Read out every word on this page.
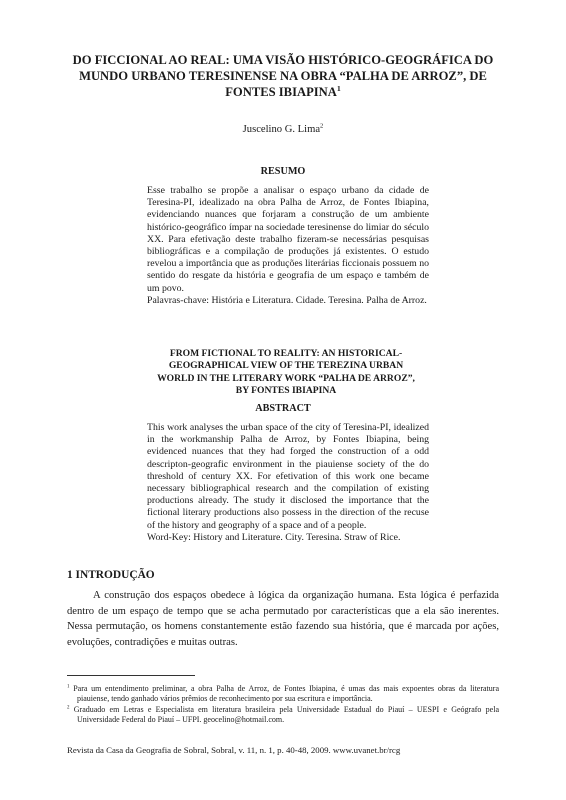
DO FICCIONAL AO REAL: UMA VISÃO HISTÓRICO-GEOGRÁFICA DO MUNDO URBANO TERESINENSE NA OBRA “PALHA DE ARROZ”, DE FONTES IBIAPINA$^1$
Juscelino G. Lima$^2$
RESUMO

Esse trabalho se propõe a analisar o espaço urbano da cidade de Teresina-PI, idealizado na obra Palha de Arroz, de Fontes Ibiapina, evidenciando nuances que forjaram a construção de um ambiente histórico-geográfico ímpar na sociedade teresinense do limiar do século XX. Para efetivação deste trabalho fizeram-se necessárias pesquisas bibliográficas e a compilação de produções já existentes. O estudo revelou a importância que as produções literárias ficcionais possuem no sentido do resgate da história e geografia de um espaço e também de um povo.

Palavras-chave: História e Literatura. Cidade. Teresina. Palha de Arroz.

FROM FICTIONAL TO REALITY: AN HISTORICAL-GEOGRAPHICAL VIEW OF THE TEREZINA URBAN WORLD IN THE LITERARY WORK “PALHA DE ARROZ”, BY FONTES IBIAPINA
ABSTRACT

This work analyses the urban space of the city of Teresina-PI, idealized in the workmanship Palha de Arroz, by Fontes Ibiapina, being evidenced nuances that they had forged the construction of a odd descripton-geografic environment in the piauiense society of the do threshold of century XX. For efetivation of this work one became necessary bibliographical research and the compilation of existing productions already. The study it disclosed the importance that the fictional literary productions also possess in the direction of the recuse of the history and geography of a space and of a people.

Word-Key: History and Literature. City. Teresina. Straw of Rice.

1 INTRODUÇÃO

A construção dos espaços obedece à lógica da organização humana. Esta lógica é perfazida dentro de um espaço de tempo que se acha permutado por características que a ela são inerentes. Nessa permutação, os homens constantemente estão fazendo sua história, que é marcada por ações, evoluções, contradições e muitas outras.

$^1$ Para um entendimento preliminar, a obra Palha de Arroz, de Fontes Ibiapina, é umas das mais expoentes obras da literatura piauiense, tendo ganhado vários prêmios de reconhecimento por sua escritura e importância.

$^2$ Graduado em Letras e Especialista em literatura brasileira pela Universidade Estadual do Piauí – UESPI e Geógrafo pela Universidade Federal do Piauí – UFPI. geocelino@hotmail.com.

Revista da Casa da Geografia de Sobral, Sobral, v. 11, n. 1, p. 40-48, 2009. www.uvanet.br/rcg
